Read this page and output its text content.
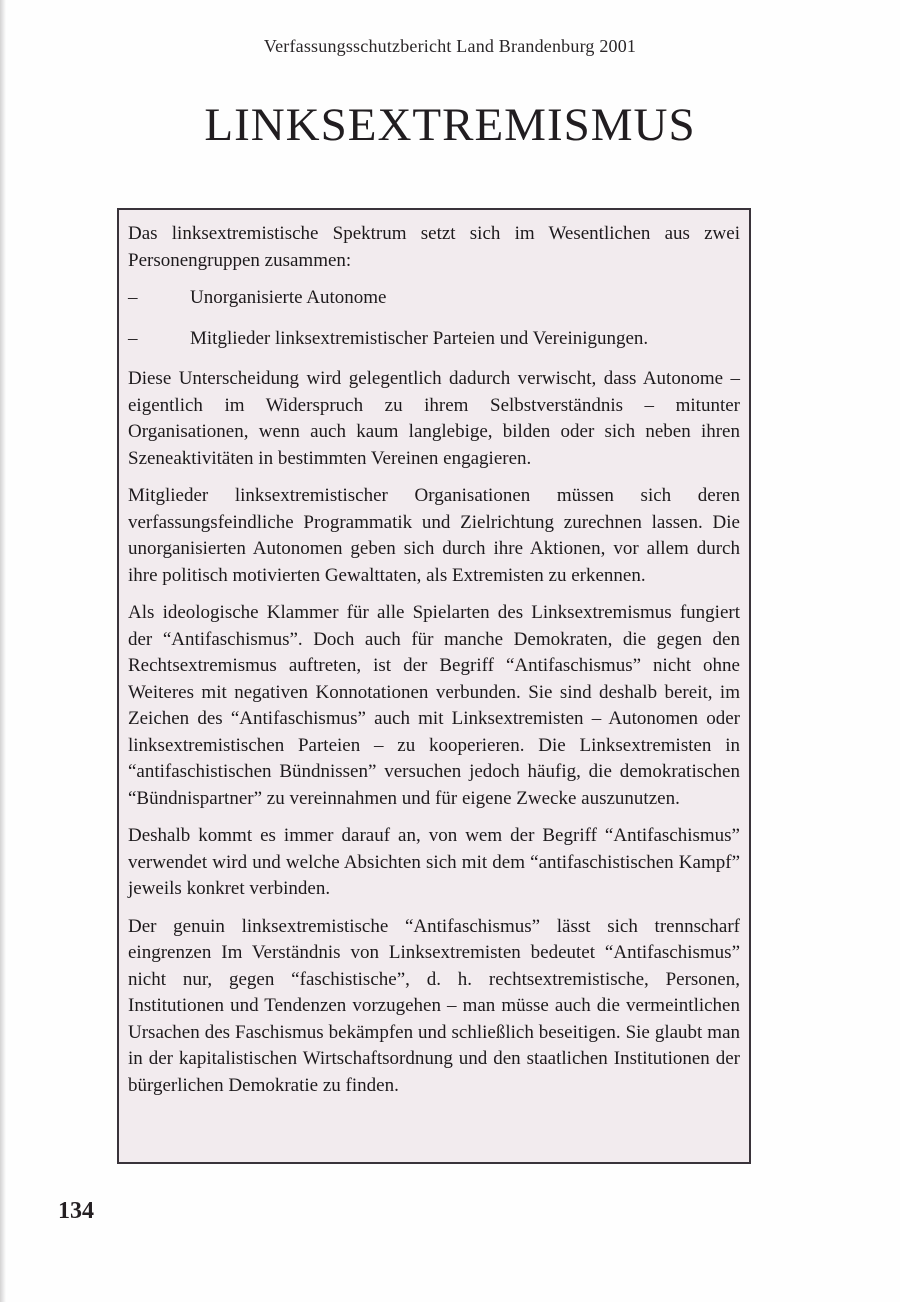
Verfassungsschutzbericht Land Brandenburg 2001
LINKSEXTREMISMUS

Das linksextremistische Spektrum setzt sich im Wesentlichen aus zwei Personengruppen zusammen:

–	Unorganisierte Autonome
–	Mitglieder linksextremistischer Parteien und Vereinigungen.

Diese Unterscheidung wird gelegentlich dadurch verwischt, dass Autonome – eigentlich im Widerspruch zu ihrem Selbstverständnis – mitunter Organisationen, wenn auch kaum langlebige, bilden oder sich neben ihren Szeneaktivitäten in bestimmten Vereinen engagieren.

Mitglieder linksextremistischer Organisationen müssen sich deren verfassungsfeindliche Programmatik und Zielrichtung zurechnen lassen. Die unorganisierten Autonomen geben sich durch ihre Aktionen, vor allem durch ihre politisch motivierten Gewalttaten, als Extremisten zu erkennen.

Als ideologische Klammer für alle Spielarten des Linksextremismus fungiert der “Antifaschismus”. Doch auch für manche Demokraten, die gegen den Rechtsextremismus auftreten, ist der Begriff “Antifaschismus” nicht ohne Weiteres mit negativen Konnotationen verbunden. Sie sind deshalb bereit, im Zeichen des “Antifaschismus” auch mit Linksextremisten – Autonomen oder linksextremistischen Parteien – zu kooperieren. Die Linksextremisten in “antifaschistischen Bündnissen” versuchen jedoch häufig, die demokratischen “Bündnispartner” zu vereinnahmen und für eigene Zwecke auszunutzen.

Deshalb kommt es immer darauf an, von wem der Begriff “Antifaschismus” verwendet wird und welche Absichten sich mit dem “antifaschistischen Kampf” jeweils konkret verbinden.

Der genuin linksextremistische “Antifaschismus” lässt sich trennscharf eingrenzen Im Verständnis von Linksextremisten bedeutet “Antifaschismus” nicht nur, gegen “faschistische”, d. h. rechtsextremistische, Personen, Institutionen und Tendenzen vorzugehen – man müsse auch die vermeintlichen Ursachen des Faschismus bekämpfen und schließlich beseitigen. Sie glaubt man in der kapitalistischen Wirtschaftsordnung und den staatlichen Institutionen der bürgerlichen Demokratie zu finden.

134
